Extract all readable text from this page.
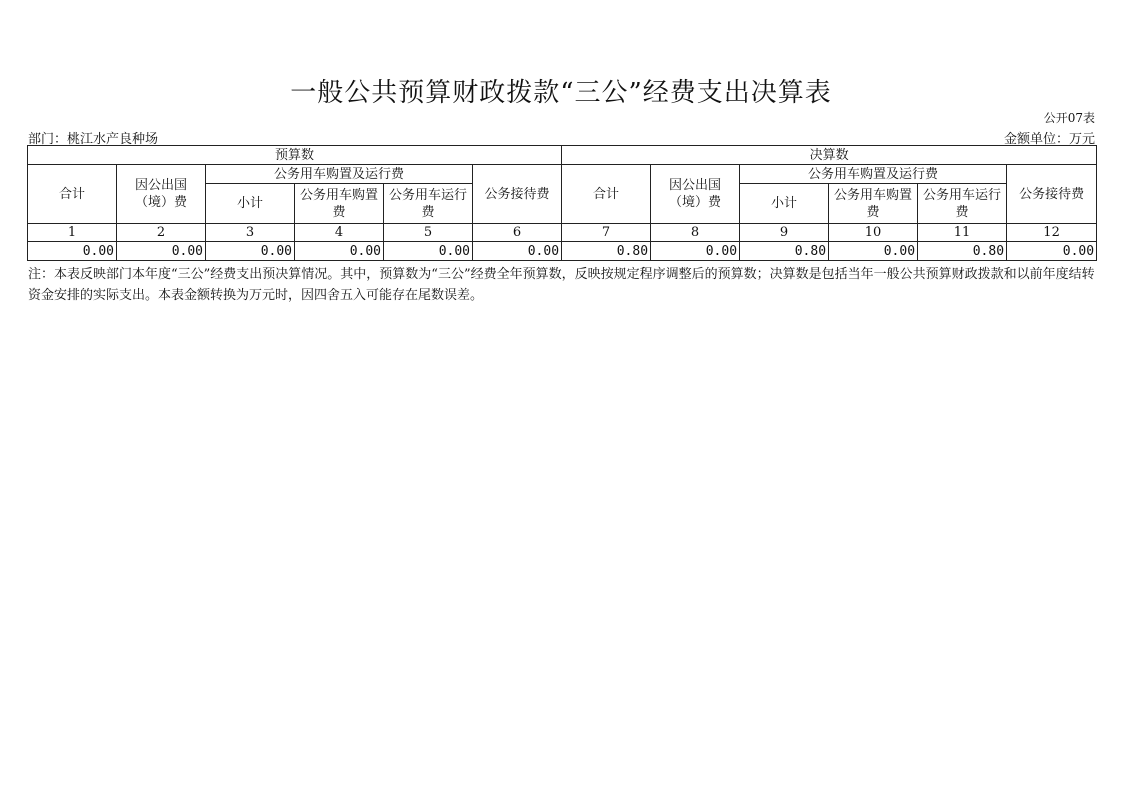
一般公共预算财政拨款“三公”经费支出决算表
公开07表
部门：桃江水产良种场	金额单位：万元
预算数						决算数					
合计	因公出国（境）费	公务用车购置及运行费			公务接待费	合计	因公出国（境）费	公务用车购置及运行费			公务接待费
		小计	公务用车购置费	公务用车运行费				小计	公务用车购置费	公务用车运行费	
1	2	3	4	5	6	7	8	9	10	11	12
0.00	0.00	0.00	0.00	0.00	0.00	0.80	0.00	0.80	0.00	0.80	0.00
注：本表反映部门本年度“三公”经费支出预决算情况。其中，预算数为“三公”经费全年预算数，反映按规定程序调整后的预算数；决算数是包括当年一般公共预算财政拨款和以前年度结转资金安排的实际支出。本表金额转换为万元时，因四舍五入可能存在尾数误差。
